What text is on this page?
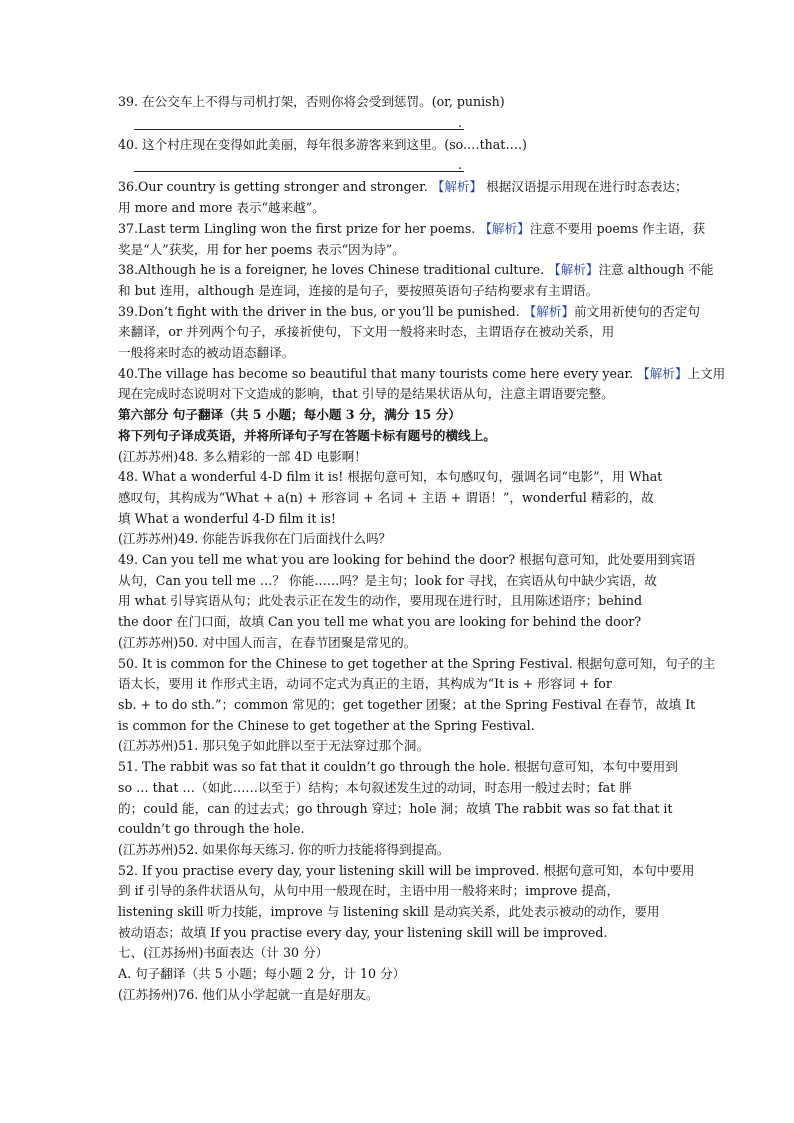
39. 在公交车上不得与司机打架，否则你将会受到惩罚。(or, punish)
.
40. 这个村庄现在变得如此美丽，每年很多游客来到这里。(so.…that….)
.
36.Our country is getting stronger and stronger. 【解析】 根据汉语提示用现在进行时态表达；
用 more and more 表示“越来越”。
37.Last term Lingling won the first prize for her poems. 【解析】注意不要用 poems 作主语，获
奖是“人”获奖，用 for her poems 表示“因为诗”。
38.Although he is a foreigner, he loves Chinese traditional culture. 【解析】注意 although 不能
和 but 连用，although 是连词，连接的是句子，要按照英语句子结构要求有主谓语。
39.Don’t fight with the driver in the bus, or you’ll be punished. 【解析】前文用祈使句的否定句
来翻译，or 并列两个句子，承接祈使句，下文用一般将来时态，主谓语存在被动关系，用
一般将来时态的被动语态翻译。
40.The village has become so beautiful that many tourists come here every year. 【解析】上文用
现在完成时态说明对下文造成的影响，that 引导的是结果状语从句，注意主谓语要完整。
第六部分 句子翻译（共 5 小题；每小题 3 分，满分 15 分）
将下列句子译成英语，并将所译句子写在答题卡标有题号的横线上。
(江苏苏州)48. 多么精彩的一部 4D 电影啊！
48. What a wonderful 4-D film it is! 根据句意可知，本句感叹句，强调名词“电影”，用 What
感叹句，其构成为“What + a(n) + 形容词 + 名词 + 主语 + 谓语！”，wonderful 精彩的，故
填 What a wonderful 4-D film it is!
(江苏苏州)49. 你能告诉我你在门后面找什么吗？
49. Can you tell me what you are looking for behind the door? 根据句意可知，此处要用到宾语
从句，Can you tell me …？ 你能……吗？是主句；look for 寻找，在宾语从句中缺少宾语，故
用 what 引导宾语从句；此处表示正在发生的动作，要用现在进行时，且用陈述语序；behind
the door 在门口面，故填 Can you tell me what you are looking for behind the door?
(江苏苏州)50. 对中国人而言，在春节团聚是常见的。
50. It is common for the Chinese to get together at the Spring Festival. 根据句意可知，句子的主
语太长，要用 it 作形式主语，动词不定式为真正的主语，其构成为“It is + 形容词 + for
sb. + to do sth.”；common 常见的；get together 团聚；at the Spring Festival 在春节，故填 It
is common for the Chinese to get together at the Spring Festival.
(江苏苏州)51. 那只兔子如此胖以至于无法穿过那个洞。
51. The rabbit was so fat that it couldn’t go through the hole. 根据句意可知，本句中要用到
so … that …（如此……以至于）结构；本句叙述发生过的动词，时态用一般过去时；fat 胖
的；could 能，can 的过去式；go through 穿过；hole 洞；故填 The rabbit was so fat that it
couldn’t go through the hole.
(江苏苏州)52. 如果你每天练习. 你的听力技能将得到提高。
52. If you practise every day, your listening skill will be improved. 根据句意可知，本句中要用
到 if 引导的条件状语从句，从句中用一般现在时，主语中用一般将来时；improve 提高，
listening skill 听力技能，improve 与 listening skill 是动宾关系，此处表示被动的动作，要用
被动语态；故填 If you practise every day, your listening skill will be improved.
七、(江苏扬州)书面表达（计 30 分）
A. 句子翻译（共 5 小题；每小题 2 分，计 10 分）
(江苏扬州)76. 他们从小学起就一直是好朋友。
